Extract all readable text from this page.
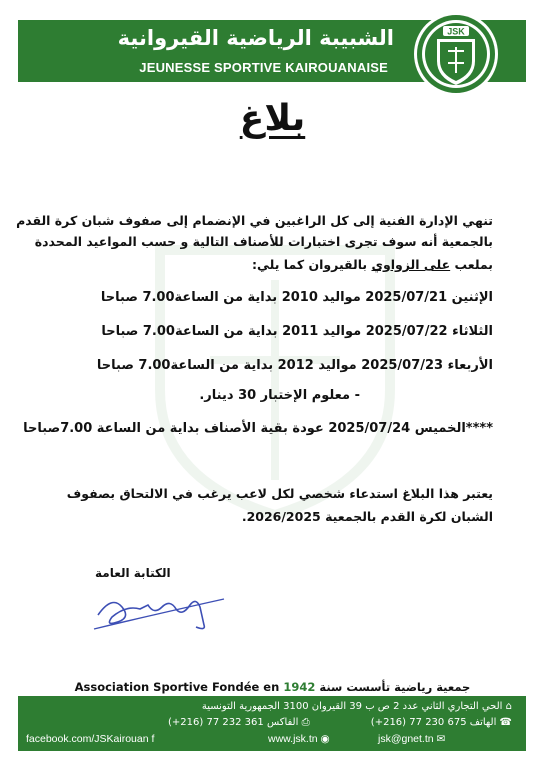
الشبيبة الرياضية القيروانية
JEUNESSE SPORTIVE KAIROUANAISE
JSK
بلاغ
تنهي الإدارة الفنية إلى كل الراغبين في الإنضمام إلى صفوف شبان كرة القدم
بالجمعية أنه سوف تجرى اختبارات للأصناف التالية و حسب المواعيد المحددة
بملعب على الزواوي بالقيروان كما يلي:
الإثنين 2025/07/21 مواليد 2010 بداية من الساعة7.00 صباحا
الثلاثاء 2025/07/22 مواليد 2011 بداية من الساعة7.00 صباحا
الأربعاء 2025/07/23 مواليد 2012 بداية من الساعة7.00 صباحا
- معلوم الإختبار 30 دينار.
****الخميس 2025/07/24 عودة بقية الأصناف بداية من الساعة 7.00صباحا
يعتبر هذا البلاغ استدعاء شخصي لكل لاعب يرغب في الالتحاق بصفوف
الشبان لكرة القدم بالجمعية 2026/2025.
الكتابة العامة
Association Sportive Fondée en 1942 جمعية رياضية تأسست سنة
⌂ الحي التجاري الثاني عدد 2 ص ب 39 القيروان 3100 الجمهورية التونسية
☎ الهاتف 675 230 77 (216+)
⎙ الفاكس 361 232 77 (216+)
facebook.com/JSKairouan f	www.jsk.tn ◉	jsk@gnet.tn ✉
